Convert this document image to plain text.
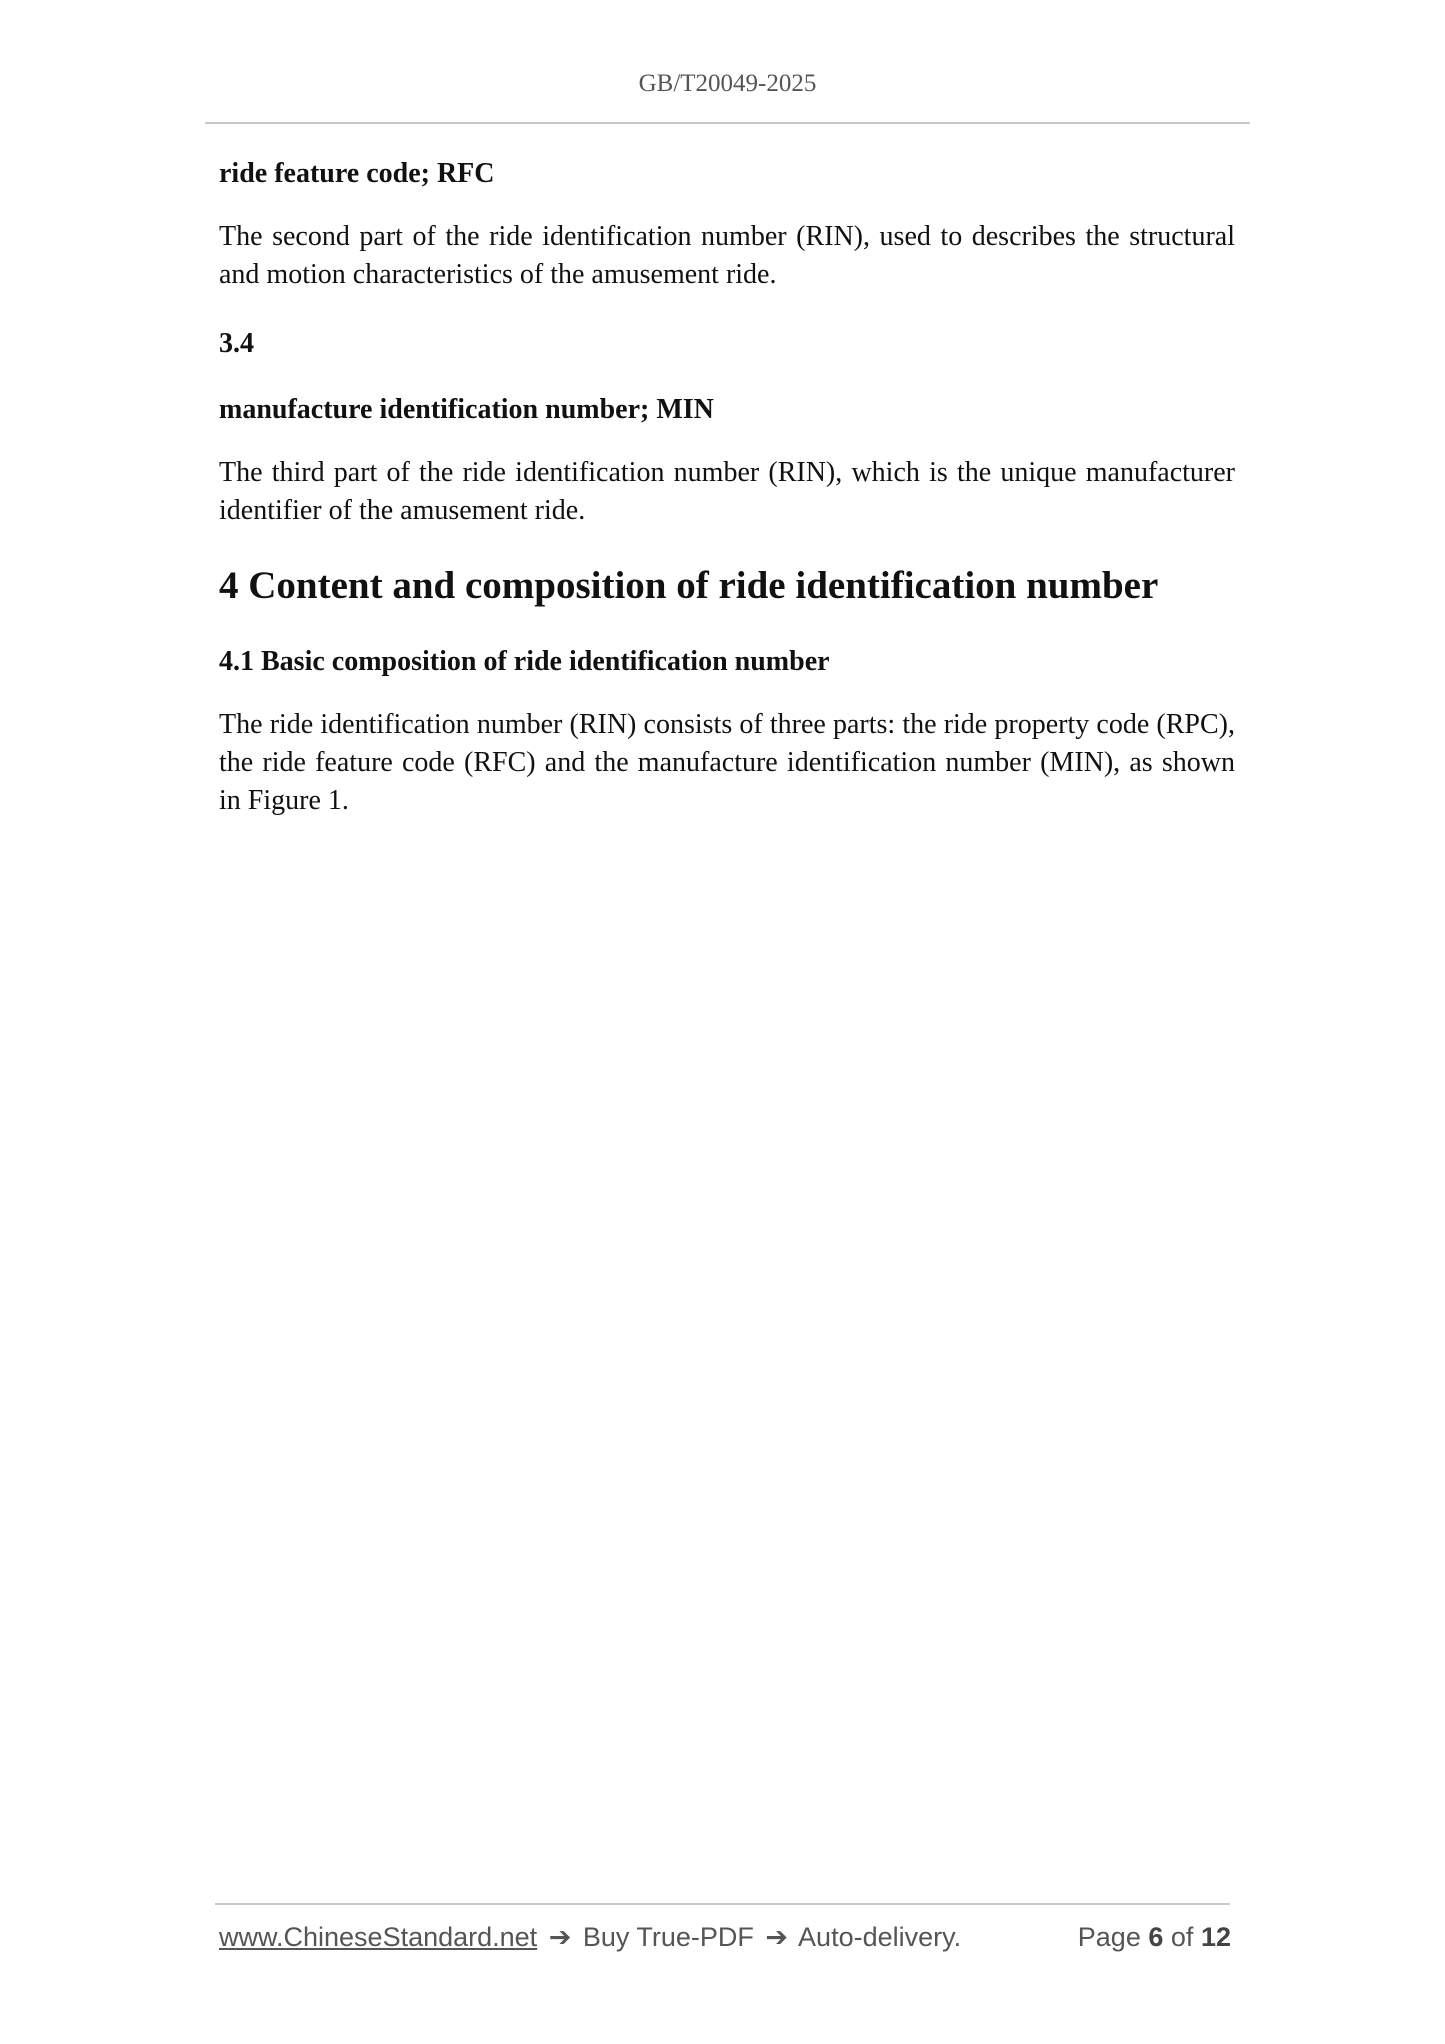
GB/T20049-2025
ride feature code; RFC

The second part of the ride identification number (RIN), used to describes the structural and motion characteristics of the amusement ride.

3.4
manufacture identification number; MIN

The third part of the ride identification number (RIN), which is the unique manufacturer identifier of the amusement ride.

4 Content and composition of ride identification number
4.1 Basic composition of ride identification number

The ride identification number (RIN) consists of three parts: the ride property code (RPC), the ride feature code (RFC) and the manufacture identification number (MIN), as shown in Figure 1.

www.ChineseStandard.net ➔ Buy True-PDF ➔ Auto-delivery.	Page 6 of 12
